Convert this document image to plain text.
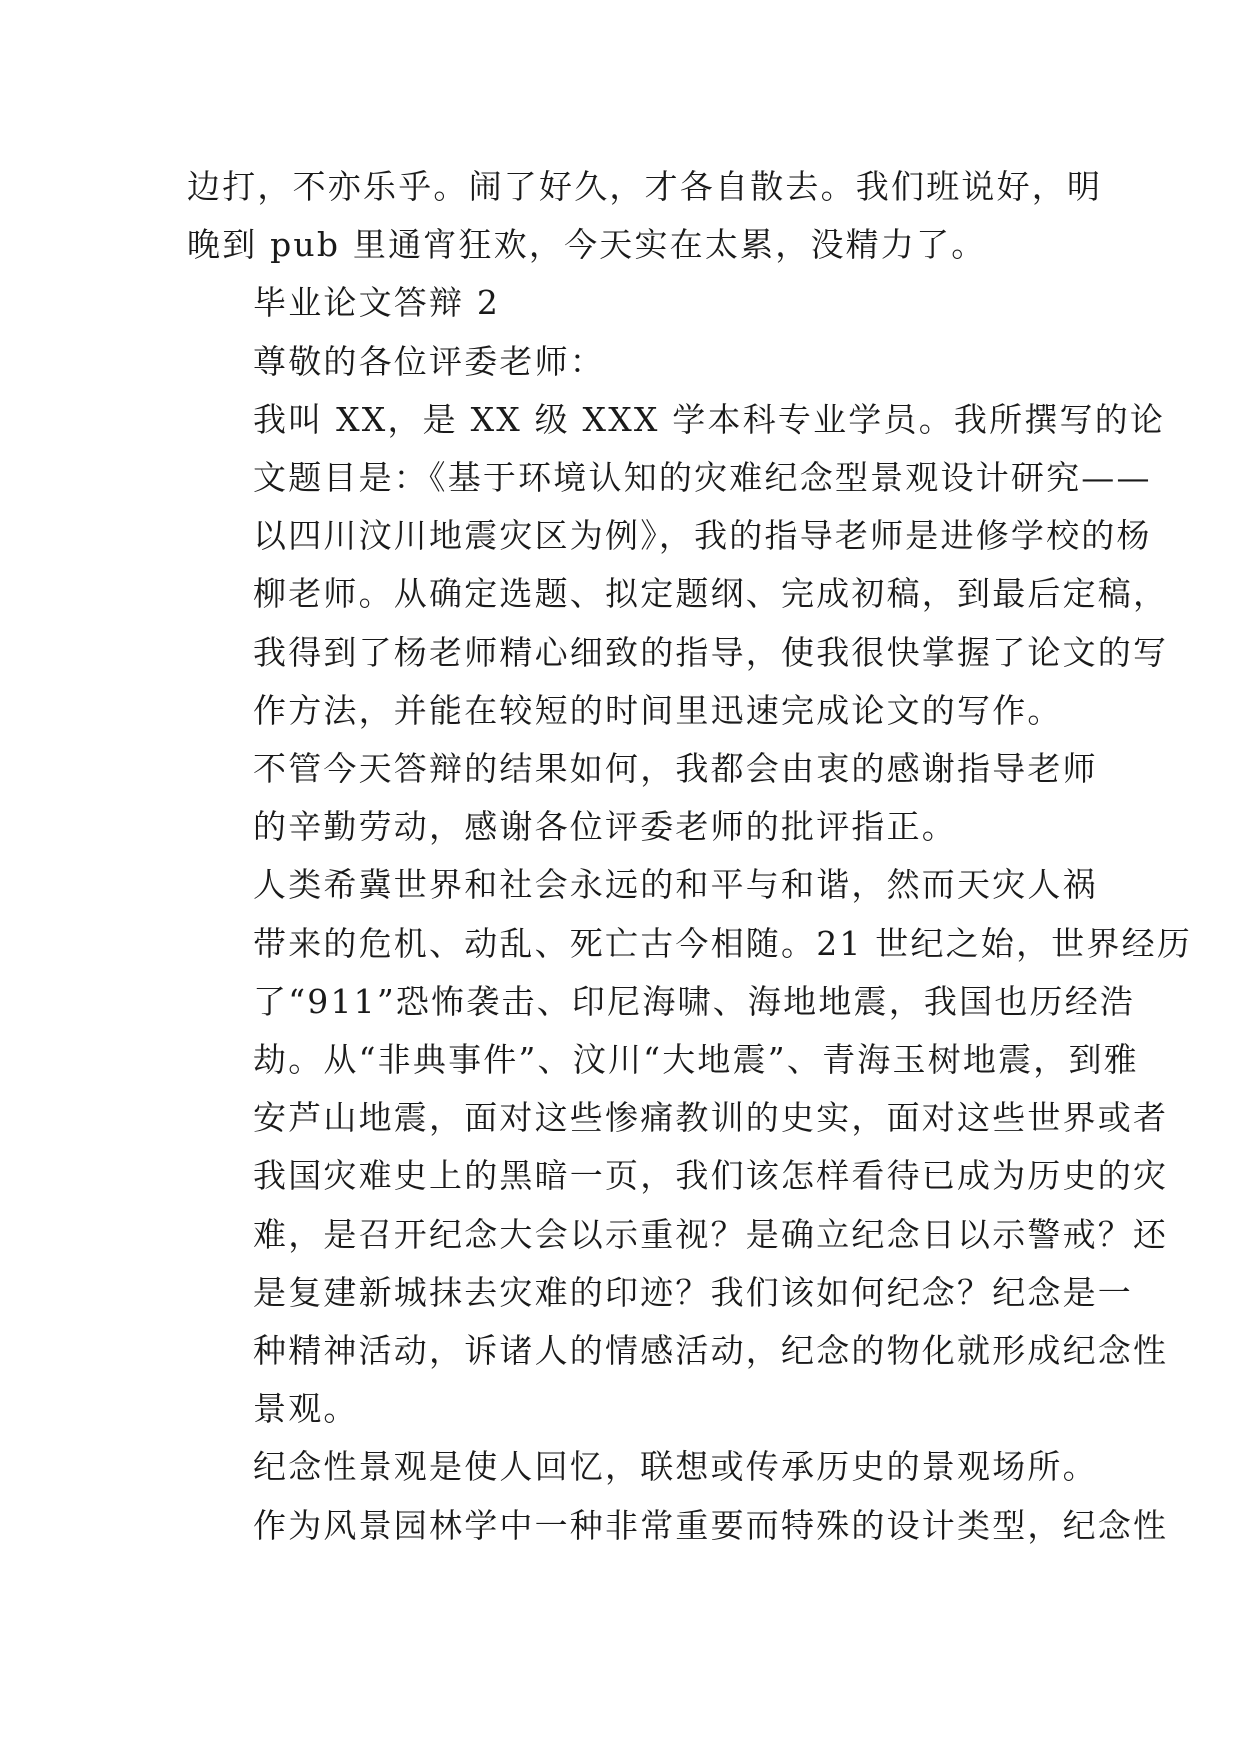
边打，不亦乐乎。闹了好久，才各自散去。我们班说好，明
晚到 pub 里通宵狂欢，今天实在太累，没精力了。

毕业论文答辩 2

尊敬的各位评委老师：

我叫 XX，是 XX 级 XXX 学本科专业学员。我所撰写的论
文题目是：《基于环境认知的灾难纪念型景观设计研究——
以四川汶川地震灾区为例》，我的指导老师是进修学校的杨
柳老师。从确定选题、拟定题纲、完成初稿，到最后定稿，
我得到了杨老师精心细致的指导，使我很快掌握了论文的写
作方法，并能在较短的时间里迅速完成论文的写作。

不管今天答辩的结果如何，我都会由衷的感谢指导老师
的辛勤劳动，感谢各位评委老师的批评指正。

人类希冀世界和社会永远的和平与和谐，然而天灾人祸
带来的危机、动乱、死亡古今相随。21 世纪之始，世界经历
了“911”恐怖袭击、印尼海啸、海地地震，我国也历经浩
劫。从“非典事件”、汶川“大地震”、青海玉树地震，到雅
安芦山地震，面对这些惨痛教训的史实，面对这些世界或者
我国灾难史上的黑暗一页，我们该怎样看待已成为历史的灾
难，是召开纪念大会以示重视？是确立纪念日以示警戒？还
是复建新城抹去灾难的印迹？我们该如何纪念？纪念是一
种精神活动，诉诸人的情感活动，纪念的物化就形成纪念性
景观。

纪念性景观是使人回忆，联想或传承历史的景观场所。
作为风景园林学中一种非常重要而特殊的设计类型，纪念性
